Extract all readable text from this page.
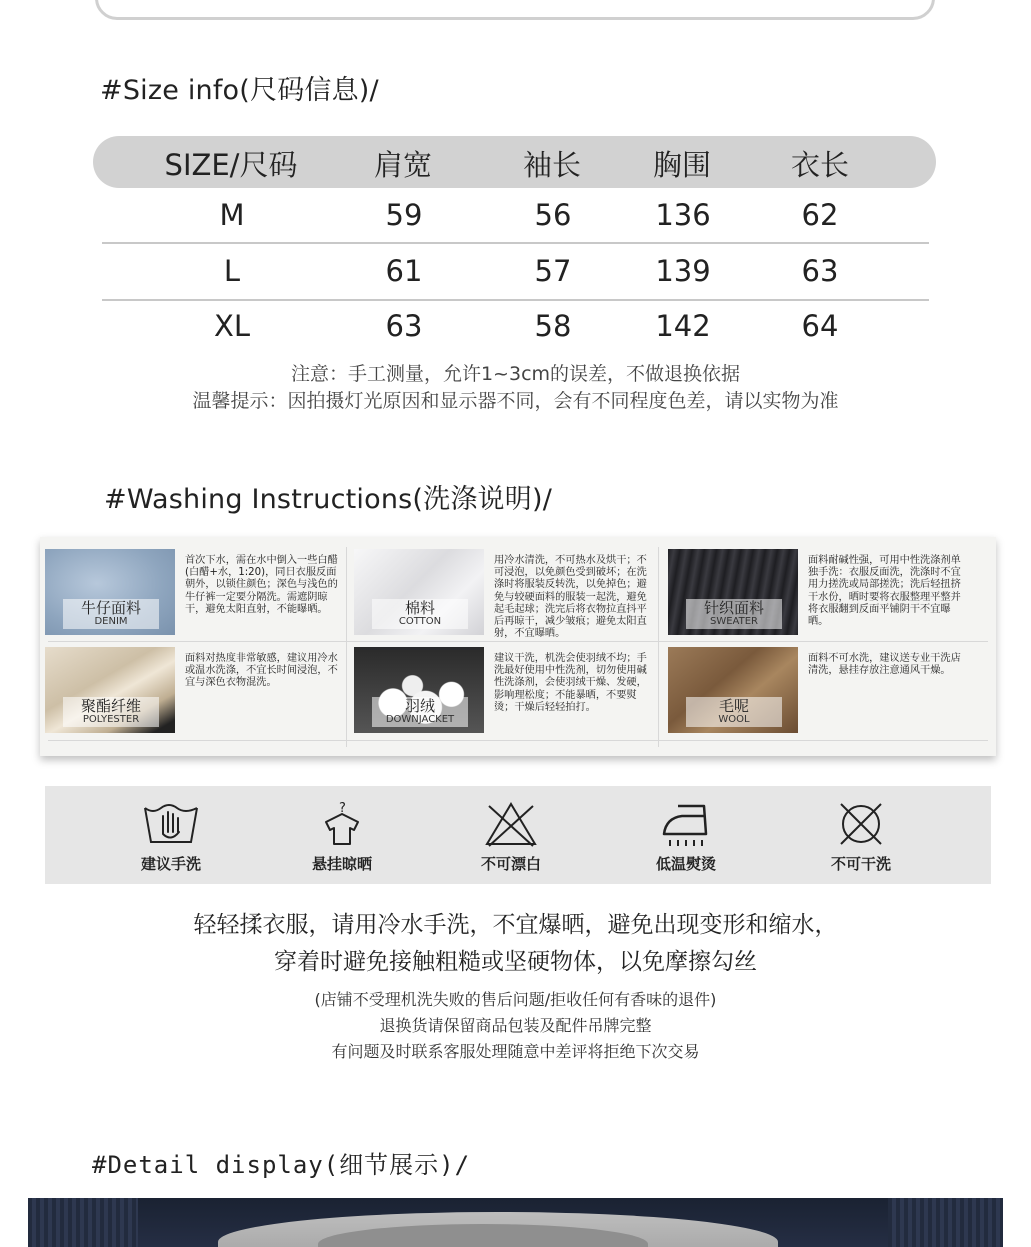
#Size info(尺码信息)/
SIZE/尺码	肩宽	袖长	胸围	衣长
M	59	56	136	62
L	61	57	139	63
XL	63	58	142	64
注意：手工测量，允许1~3cm的误差，不做退换依据
温馨提示：因拍摄灯光原因和显示器不同，会有不同程度色差，请以实物为准
#Washing Instructions(洗涤说明)/
牛仔面料
DENIM
首次下水，需在水中倒入一些白醋(白醋+水，1:20)，同日衣服反面朝外，以锁住颜色；深色与浅色的牛仔裤一定要分隔洗。需遮阴晾干，避免太阳直射，不能曝晒。	棉料
COTTON
用冷水清洗，不可热水及烘干；不可浸泡，以免颜色受到破坏；在洗涤时将服装反转洗，以免掉色；避免与较硬面料的服装一起洗，避免起毛起球；洗完后将衣物拉直抖平后再晾干，减少皱痕；避免太阳直射，不宜曝晒。
针织面料
SWEATER
面料耐碱性强，可用中性洗涤剂单独手洗：衣服反面洗，洗涤时不宜用力搓洗或局部搓洗；洗后轻扭挤干水份，晒时要将衣服整理平整并将衣服翻到反面平铺阴干不宜曝晒。
聚酯纤维
POLYESTER
面料对热度非常敏感，建议用冷水或温水洗涤，不宜长时间浸泡，不宜与深色衣物混洗。
羽绒
DOWNJACKET
建议干洗，机洗会使羽绒不均；手洗最好使用中性洗剂，切勿使用碱性洗涤剂，会使羽绒干燥、发硬，影响理松度；不能暴晒，不要熨烫；干燥后轻轻拍打。	毛呢
WOOL
面料不可水洗，建议送专业干洗店清洗，悬挂存放注意通风干燥。
建议手洗
?
悬挂晾晒	不可漂白	低温熨烫	不可干洗
轻轻揉衣服，请用冷水手洗，不宜爆晒，避免出现变形和缩水，
穿着时避免接触粗糙或坚硬物体，以免摩擦勾丝
(店铺不受理机洗失败的售后问题/拒收任何有香味的退件)
退换货请保留商品包装及配件吊牌完整
有问题及时联系客服处理随意中差评将拒绝下次交易
#Detail display(细节展示)/
